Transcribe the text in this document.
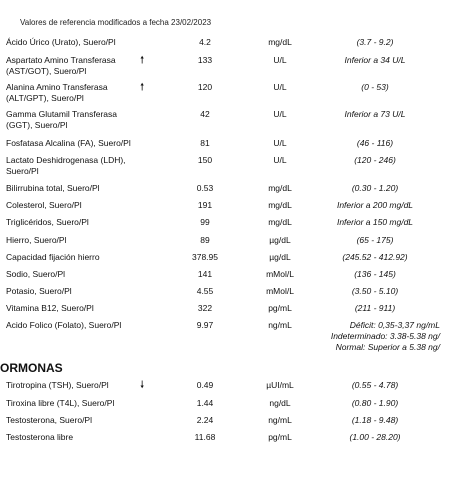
Valores de referencia modificados a fecha 23/02/2023
ORMONAS
Ácido Úrico (Urato), Suero/Pl	4.2	mg/dL	(3.7 - 9.2)
Aspartato Amino Transferasa
(AST/GOT), Suero/Pl
🠕	133	U/L	Inferior a 34 U/L
Alanina Amino Transferasa
(ALT/GPT), Suero/Pl
🠕	120	U/L	(0 - 53)
Gamma Glutamil Transferasa
(GGT), Suero/Pl
42	U/L	Inferior a 73 U/L
Fosfatasa Alcalina (FA), Suero/Pl	81	U/L	(46 - 116)
Lactato Deshidrogenasa (LDH),
Suero/Pl
150	U/L	(120 - 246)
Bilirrubina total, Suero/Pl	0.53	mg/dL	(0.30 - 1.20)
Colesterol, Suero/Pl	191	mg/dL	Inferior a 200 mg/dL
Triglicéridos, Suero/Pl	99	mg/dL	Inferior a 150 mg/dL
Hierro, Suero/Pl	89	µg/dL	(65 - 175)
Capacidad fijación hierro	378.95	µg/dL	(245.52 - 412.92)
Sodio, Suero/Pl	141	mMol/L	(136 - 145)
Potasio, Suero/Pl	4.55	mMol/L	(3.50 - 5.10)
Vitamina B12, Suero/Pl	322	pg/mL	(211 - 911)
Acido Folico (Folato), Suero/Pl	9.97	ng/mL	Déficit: 0,35-3,37 ng/mL
Indeterminado: 3.38-5.38 ng/
Normal: Superior a 5.38 ng/
Tirotropina (TSH), Suero/Pl	🠗	0.49	µUI/mL	(0.55 - 4.78)
Tiroxina libre (T4L), Suero/Pl	1.44	ng/dL	(0.80 - 1.90)
Testosterona, Suero/Pl	2.24	ng/mL	(1.18 - 9.48)
Testosterona libre	11.68	pg/mL	(1.00 - 28.20)
